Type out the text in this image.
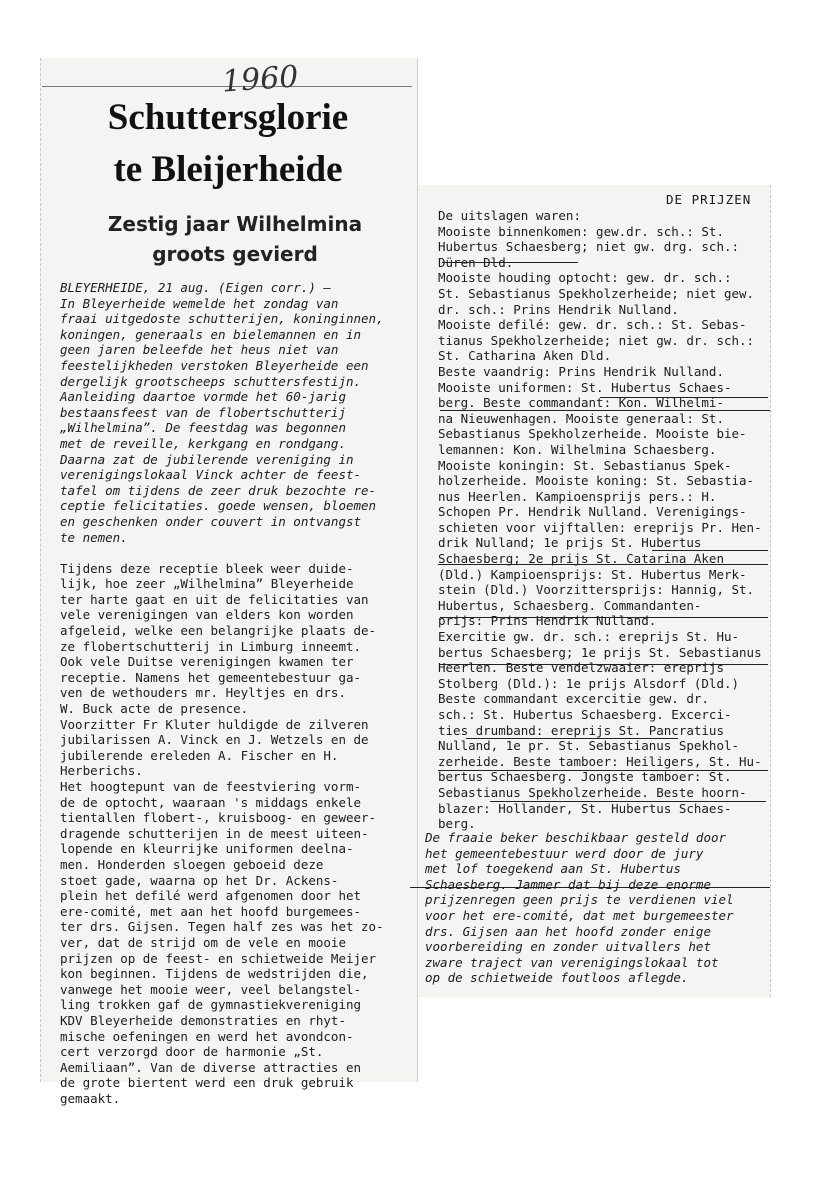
1960
Schuttersglorie
te Bleijerheide
Zestig jaar Wilhelmina
groots gevierd
BLEYERHEIDE, 21 aug. (Eigen corr.) —
In Bleyerheide wemelde het zondag van
fraai uitgedoste schutterijen, koninginnen,
koningen, generaals en bielemannen en in
geen jaren beleefde het heus niet van
feestelijkheden verstoken Bleyerheide een
dergelijk grootscheeps schuttersfestijn.
Aanleiding daartoe vormde het 60-jarig
bestaansfeest van de flobertschutterij
„Wilhelmina”. De feestdag was begonnen
met de reveille, kerkgang en rondgang.
Daarna zat de jubilerende vereniging in
verenigingslokaal Vinck achter de feest-
tafel om tijdens de zeer druk bezochte re-
ceptie felicitaties. goede wensen, bloemen
en geschenken onder couvert in ontvangst
te nemen.
Tijdens deze receptie bleek weer duide-
lijk, hoe zeer „Wilhelmina” Bleyerheide
ter harte gaat en uit de felicitaties van
vele verenigingen van elders kon worden
afgeleid, welke een belangrijke plaats de-
ze flobertschutterij in Limburg inneemt.
Ook vele Duitse verenigingen kwamen ter
receptie. Namens het gemeentebestuur ga-
ven de wethouders mr. Heyltjes en drs.
W. Buck acte de presence.
Voorzitter Fr Kluter huldigde de zilveren
jubilarissen A. Vinck en J. Wetzels en de
jubilerende ereleden A. Fischer en H.
Herberichs.
Het hoogtepunt van de feestviering vorm-
de de optocht, waaraan 's middags enkele
tientallen flobert-, kruisboog- en geweer-
dragende schutterijen in de meest uiteen-
lopende en kleurrijke uniformen deelna-
men. Honderden sloegen geboeid deze
stoet gade, waarna op het Dr. Ackens-
plein het defilé werd afgenomen door het
ere-comité, met aan het hoofd burgemees-
ter drs. Gijsen. Tegen half zes was het zo-
ver, dat de strijd om de vele en mooie
prijzen op de feest- en schietweide Meijer
kon beginnen. Tijdens de wedstrijden die,
vanwege het mooie weer, veel belangstel-
ling trokken gaf de gymnastiekvereniging
KDV Bleyerheide demonstraties en rhyt-
mische oefeningen en werd het avondcon-
cert verzorgd door de harmonie „St.
Aemiliaan”. Van de diverse attracties en
de grote biertent werd een druk gebruik
gemaakt.
DE PRIJZEN
De uitslagen waren:
Mooiste binnenkomen: gew.dr. sch.: St.
Hubertus Schaesberg; niet gw. drg. sch.:
Düren Dld.
Mooiste houding optocht: gew. dr. sch.:
St. Sebastianus Spekholzerheide; niet gew.
dr. sch.: Prins Hendrik Nulland.
Mooiste defilé: gew. dr. sch.: St. Sebas-
tianus Spekholzerheide; niet gw. dr. sch.:
St. Catharina Aken Dld.
Beste vaandrig: Prins Hendrik Nulland.
Mooiste uniformen: St. Hubertus Schaes-
berg. Beste commandant: Kon. Wilhelmi-
na Nieuwenhagen. Mooiste generaal: St.
Sebastianus Spekholzerheide. Mooiste bie-
lemannen: Kon. Wilhelmina Schaesberg.
Mooiste koningin: St. Sebastianus Spek-
holzerheide. Mooiste koning: St. Sebastia-
nus Heerlen. Kampioensprijs pers.: H.
Schopen Pr. Hendrik Nulland. Verenigings-
schieten voor vijftallen: ereprijs Pr. Hen-
drik Nulland; 1e prijs St. Hubertus
Schaesberg; 2e prijs St. Catarina Aken
(Dld.) Kampioensprijs: St. Hubertus Merk-
stein (Dld.) Voorzittersprijs: Hannig, St.
Hubertus, Schaesberg. Commandanten-
prijs: Prins Hendrik Nulland.
Exercitie gw. dr. sch.: ereprijs St. Hu-
bertus Schaesberg; 1e prijs St. Sebastianus
Heerlen. Beste vendelzwaaier: ereprijs
Stolberg (Dld.): 1e prijs Alsdorf (Dld.)
Beste commandant excercitie gew. dr.
sch.: St. Hubertus Schaesberg. Excerci-
ties drumband: ereprijs St. Pancratius
Nulland, 1e pr. St. Sebastianus Spekhol-
zerheide. Beste tamboer: Heiligers, St. Hu-
bertus Schaesberg. Jongste tamboer: St.
Sebastianus Spekholzerheide. Beste hoorn-
blazer: Hollander, St. Hubertus Schaes-
berg.
De fraaie beker beschikbaar gesteld door
het gemeentebestuur werd door de jury
met lof toegekend aan St. Hubertus
Schaesberg. Jammer dat bij deze enorme
prijzenregen geen prijs te verdienen viel
voor het ere-comité, dat met burgemeester
drs. Gijsen aan het hoofd zonder enige
voorbereiding en zonder uitvallers het
zware traject van verenigingslokaal tot
op de schietweide foutloos aflegde.
